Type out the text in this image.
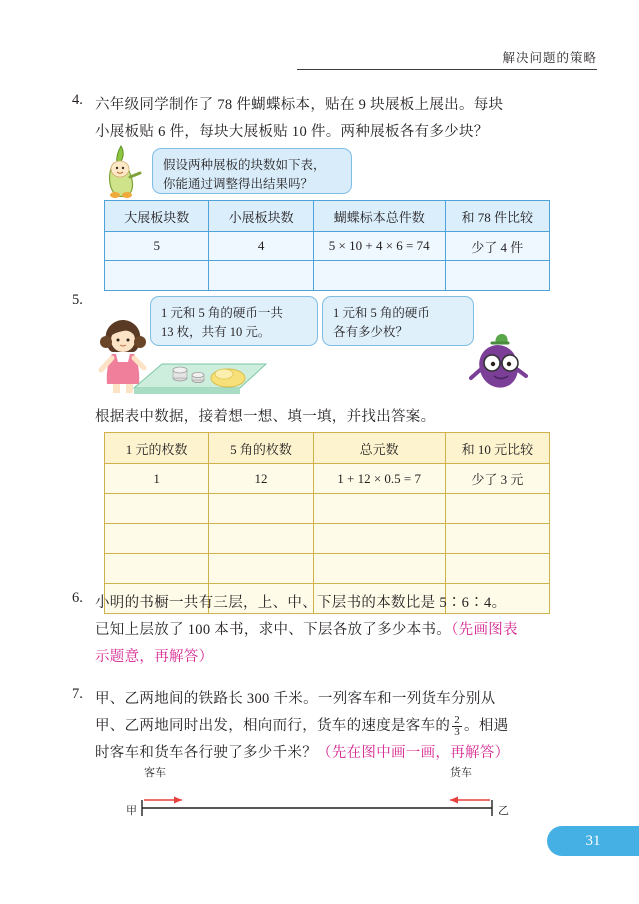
解决问题的策略
4. 六年级同学制作了 78 件蝴蝶标本，贴在 9 块展板上展出。每块
小展板贴 6 件，每块大展板贴 10 件。两种展板各有多少块？
假设两种展板的块数如下表，
你能通过调整得出结果吗？
大展板块数	小展板块数	蝴蝶标本总件数	和 78 件比较
5	4	5 × 10 + 4 × 6 = 74	少了 4 件

5.
1 元和 5 角的硬币一共
13 枚，共有 10 元。
1 元和 5 角的硬币
各有多少枚？
根据表中数据，接着想一想、填一填，并找出答案。
1 元的枚数	5 角的枚数	总元数	和 10 元比较
1	12	1 + 12 × 0.5 = 7	少了 3 元

6. 小明的书橱一共有三层，上、中、下层书的本数比是 5∶6∶4。
已知上层放了 100 本书，求中、下层各放了多少本书。（先画图表
示题意，再解答）
7. 甲、乙两地间的铁路长 300 千米。一列客车和一列货车分别从
甲、乙两地同时出发，相向而行，货车的速度是客车的 $\frac{2}{3}$ 。相遇
时客车和货车各行驶了多少千米？（先在图中画一画，再解答）
客车	货车
甲	乙
31
